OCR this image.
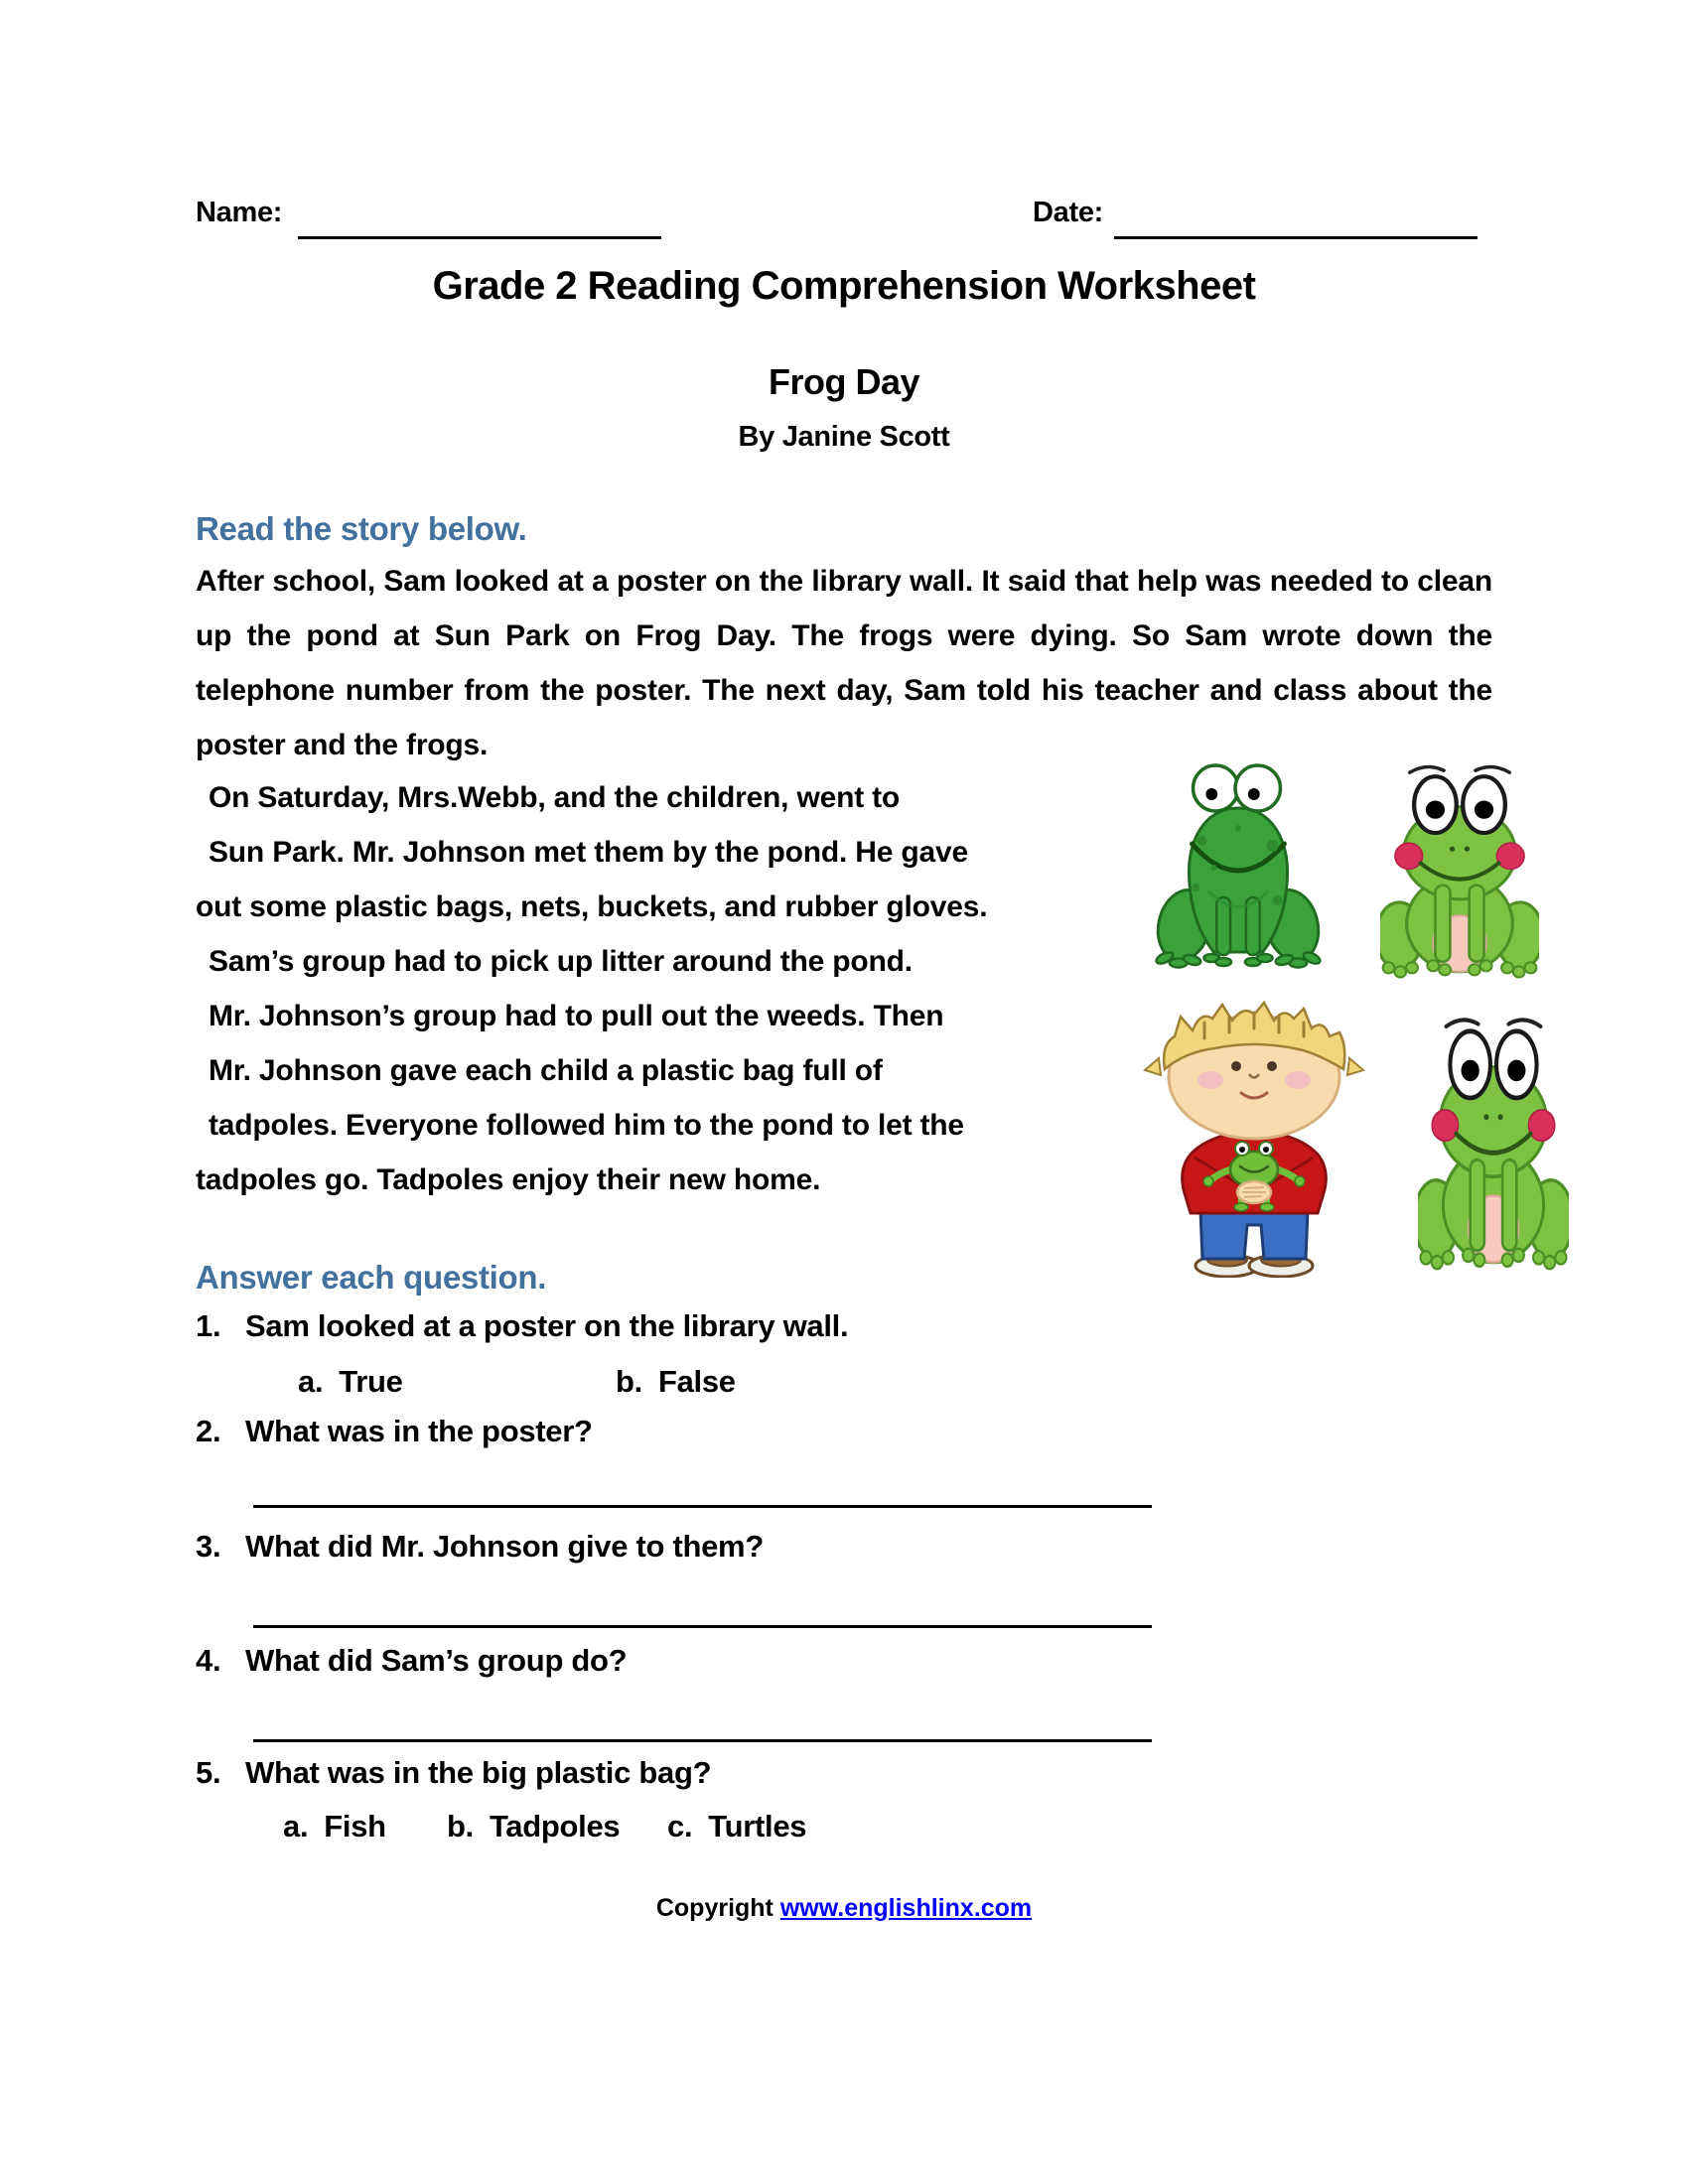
Name:	Date:
Grade 2 Reading Comprehension Worksheet
Frog Day
By Janine Scott
Read the story below.

After school, Sam looked at a poster on the library wall. It said that help was needed to clean up the pond at Sun Park on Frog Day. The frogs were dying. So Sam wrote down the telephone number from the poster. The next day, Sam told his teacher and class about the poster and the frogs.

On Saturday, Mrs.Webb, and the children, went to
Sun Park. Mr. Johnson met them by the pond. He gave
out some plastic bags, nets, buckets, and rubber gloves.
Sam’s group had to pick up litter around the pond.
Mr. Johnson’s group had to pull out the weeds. Then
Mr. Johnson gave each child a plastic bag full of
tadpoles. Everyone followed him to the pond to let the
tadpoles go. Tadpoles enjoy their new home.
Answer each question.
1. Sam looked at a poster on the library wall.
a. True	b. False
2. What was in the poster?
3. What did Mr. Johnson give to them?
4. What did Sam’s group do?
5. What was in the big plastic bag?
a. Fish b. Tadpoles c. Turtles
Copyright www.englishlinx.com
